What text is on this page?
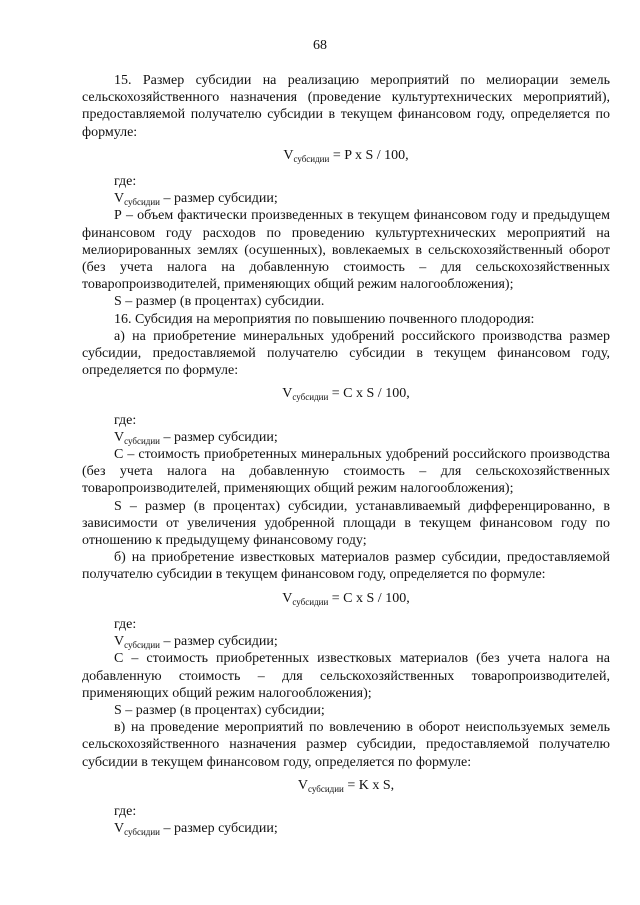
68

15. Размер субсидии на реализацию мероприятий по мелиорации земель сельскохозяйственного назначения (проведение культуртехнических мероприятий), предоставляемой получателю субсидии в текущем финансовом году, определяется по формуле:

$V_{субсидии} = P$ x S / 100,

где:

$V_{субсидии}$ – размер субсидии;

Р – объем фактически произведенных в текущем финансовом году и предыдущем финансовом году расходов по проведению культуртехнических мероприятий на мелиорированных землях (осушенных), вовлекаемых в сельскохозяйственный оборот (без учета налога на добавленную стоимость – для сельскохозяйственных товаропроизводителей, применяющих общий режим налогообложения);

S – размер (в процентах) субсидии.

16. Субсидия на мероприятия по повышению почвенного плодородия:

а) на приобретение минеральных удобрений российского производства размер субсидии, предоставляемой получателю субсидии в текущем финансовом году, определяется по формуле:

$V_{субсидии} = С$ x S / 100,

где:

$V_{субсидии}$ – размер субсидии;

С – стоимость приобретенных минеральных удобрений российского производства (без учета налога на добавленную стоимость – для сельскохозяйственных товаропроизводителей, применяющих общий режим налогообложения);

S – размер (в процентах) субсидии, устанавливаемый дифференцированно, в зависимости от увеличения удобренной площади в текущем финансовом году по отношению к предыдущему финансовому году;

б) на приобретение известковых материалов размер субсидии, предоставляемой получателю субсидии в текущем финансовом году, определяется по формуле:

$V_{субсидии} = С$ x S / 100,

где:

$V_{субсидии}$ – размер субсидии;

С – стоимость приобретенных известковых материалов (без учета налога на добавленную стоимость – для сельскохозяйственных товаропроизводителей, применяющих общий режим налогообложения);

S – размер (в процентах) субсидии;

в) на проведение мероприятий по вовлечению в оборот неиспользуемых земель сельскохозяйственного назначения размер субсидии, предоставляемой получателю субсидии в текущем финансовом году, определяется по формуле:

$V_{субсидии} = K$ x S,

где:

$V_{субсидии}$ – размер субсидии;
